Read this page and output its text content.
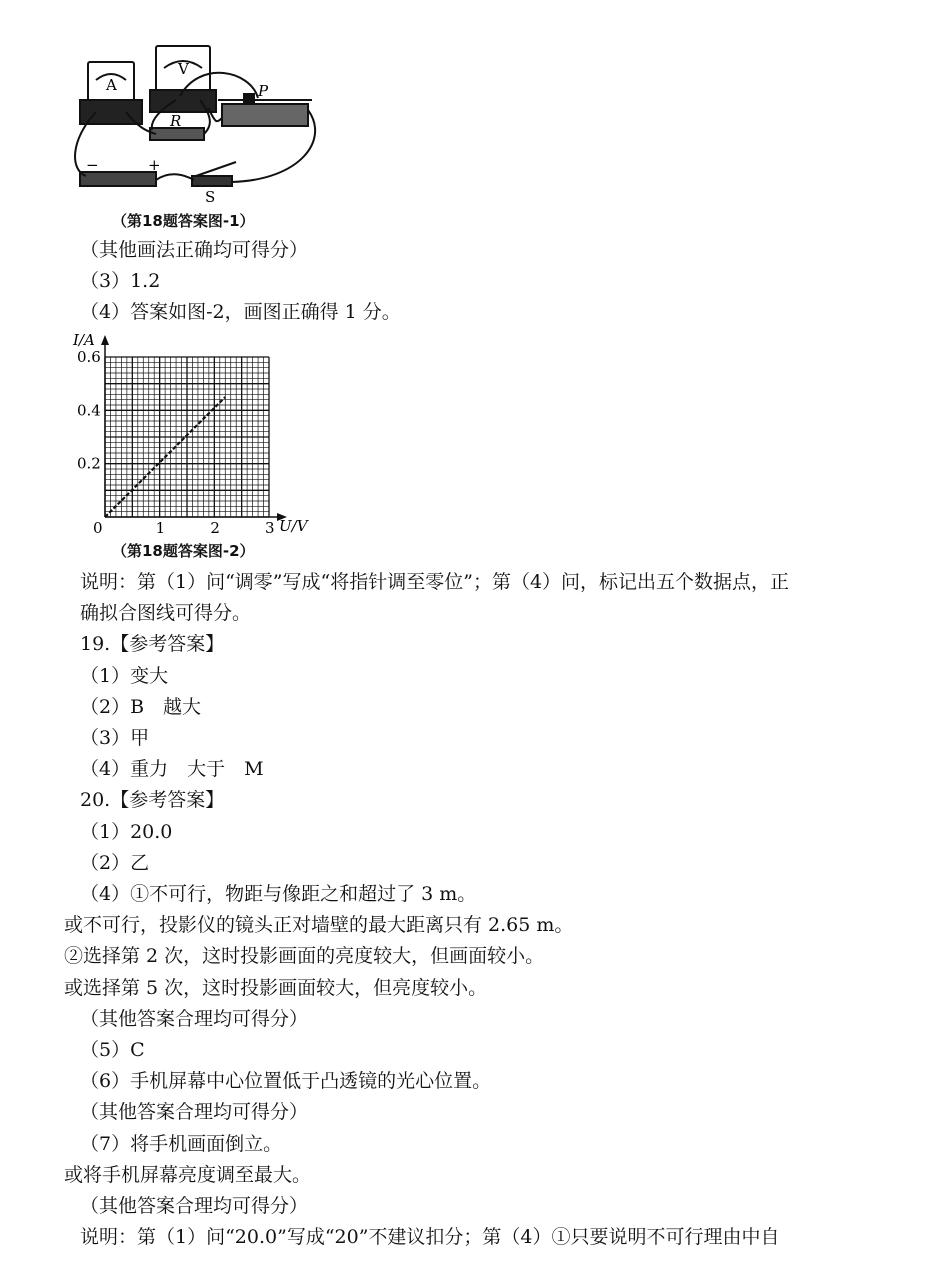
P
R
S
−	+
A
V
（第18题答案图-1）
（其他画法正确均可得分）
（3）1.2
（4）答案如图-2，画图正确得 1 分。
0	1	2	3
0.2
0.4
0.6
I/A
U/V
（第18题答案图-2）
说明：第（1）问“调零”写成“将指针调至零位”；第（4）问，标记出五个数据点，正
确拟合图线可得分。
19.【参考答案】
（1）变大
（2）B　越大
（3）甲
（4）重力　大于　M
20.【参考答案】
（1）20.0
（2）乙
（4）①不可行，物距与像距之和超过了 3 m。
或不可行，投影仪的镜头正对墙壁的最大距离只有 2.65 m。
②选择第 2 次，这时投影画面的亮度较大，但画面较小。
或选择第 5 次，这时投影画面较大，但亮度较小。
（其他答案合理均可得分）
（5）C
（6）手机屏幕中心位置低于凸透镜的光心位置。
（其他答案合理均可得分）
（7）将手机画面倒立。
或将手机屏幕亮度调至最大。
（其他答案合理均可得分）
说明：第（1）问“20.0”写成“20”不建议扣分；第（4）①只要说明不可行理由中自
